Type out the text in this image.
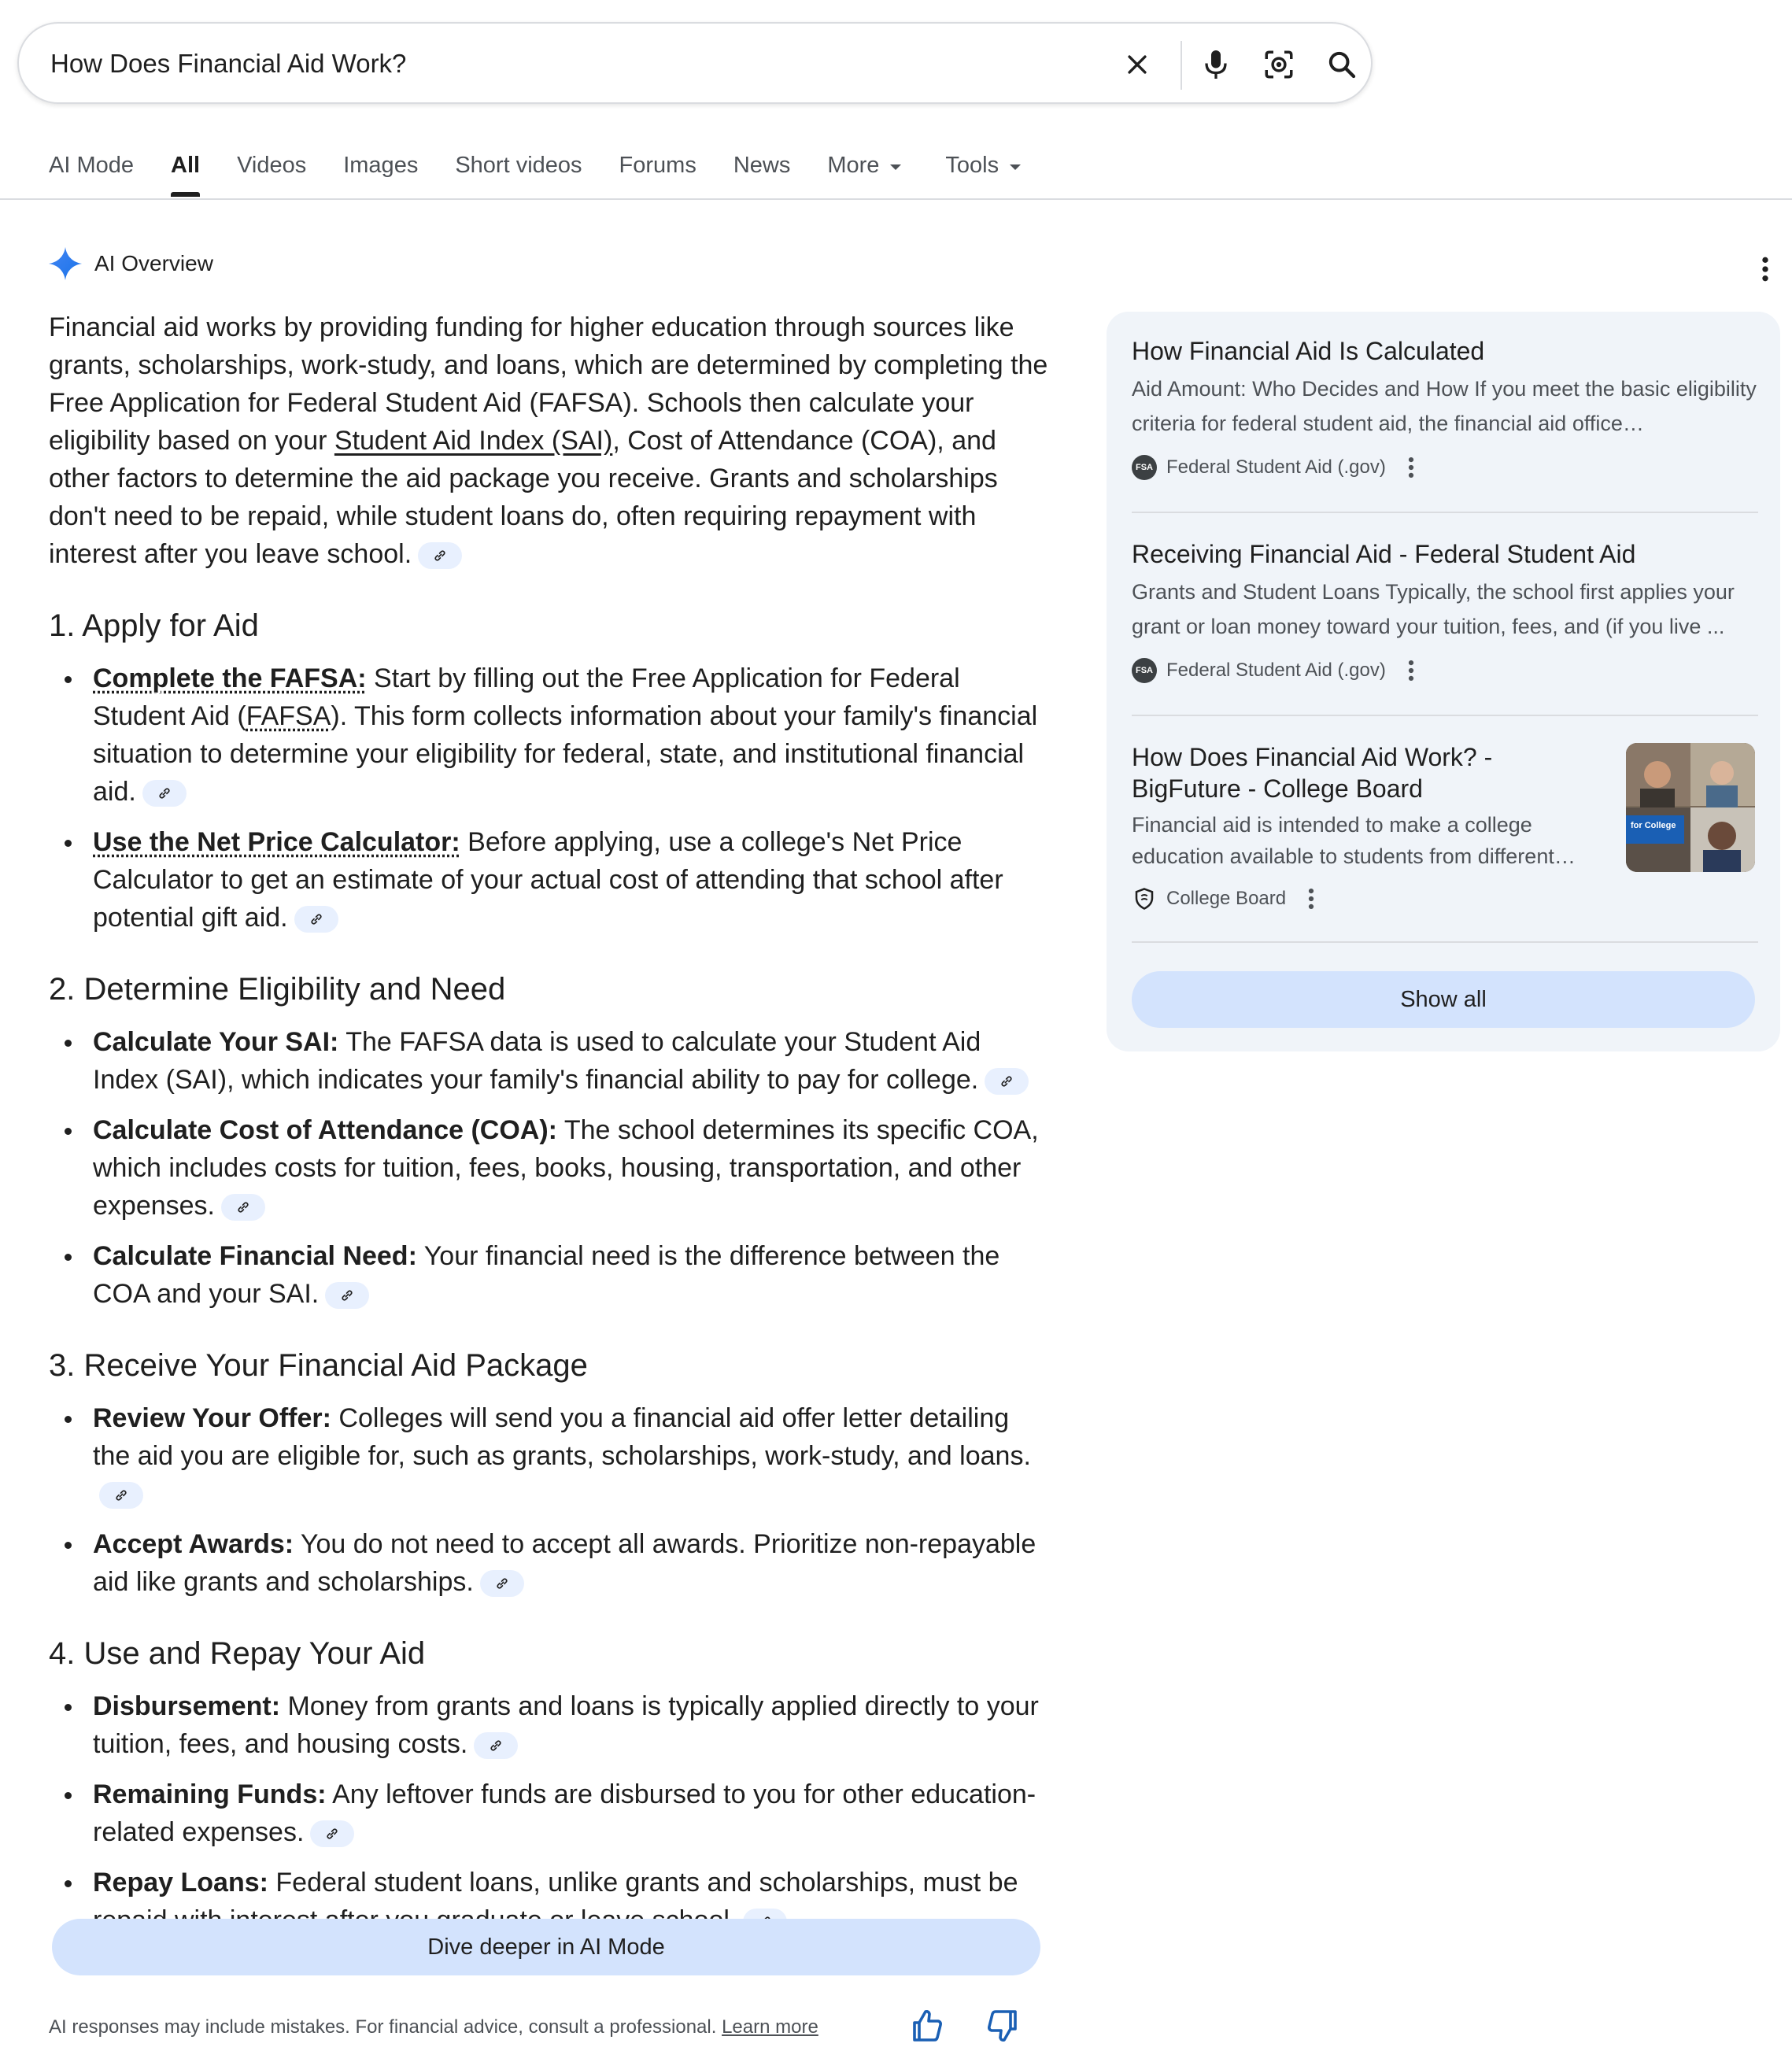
How Does Financial Aid Work?
AI Mode All Videos Images Short videos Forums News More	Tools
AI Overview

Financial aid works by providing funding for higher education through sources like grants, scholarships, work-study, and loans, which are determined by completing the Free Application for Federal Student Aid (FAFSA). Schools then calculate your eligibility based on your Student Aid Index (SAI), Cost of Attendance (COA), and other factors to determine the aid package you receive. Grants and scholarships don't need to be repaid, while student loans do, often requiring repayment with interest after you leave school.

1. Apply for Aid
Complete the FAFSA: Start by filling out the Free Application for Federal Student Aid (FAFSA). This form collects information about your family's financial situation to determine your eligibility for federal, state, and institutional financial aid.
Use the Net Price Calculator: Before applying, use a college's Net Price Calculator to get an estimate of your actual cost of attending that school after potential gift aid.
2. Determine Eligibility and Need
Calculate Your SAI: The FAFSA data is used to calculate your Student Aid Index (SAI), which indicates your family's financial ability to pay for college.
Calculate Cost of Attendance (COA): The school determines its specific COA, which includes costs for tuition, fees, books, housing, transportation, and other expenses.
Calculate Financial Need: Your financial need is the difference between the COA and your SAI.
3. Receive Your Financial Aid Package
Review Your Offer: Colleges will send you a financial aid offer letter detailing the aid you are eligible for, such as grants, scholarships, work-study, and loans.
Accept Awards: You do not need to accept all awards. Prioritize non-repayable aid like grants and scholarships.
4. Use and Repay Your Aid
Disbursement: Money from grants and loans is typically applied directly to your tuition, fees, and housing costs.
Remaining Funds: Any leftover funds are disbursed to you for other education-related expenses.
Repay Loans: Federal student loans, unlike grants and scholarships, must be
Dive deeper in AI Mode
AI responses may include mistakes. For financial advice, consult a professional. Learn more
How Financial Aid Is Calculated
Aid Amount: Who Decides and How If you meet the basic eligibility criteria for federal student aid, the financial aid office…
FSA Federal Student Aid (.gov)
Receiving Financial Aid - Federal Student Aid
Grants and Student Loans Typically, the school first applies your grant or loan money toward your tuition, fees, and (if you live ...
FSA Federal Student Aid (.gov)
How Does Financial Aid Work? - BigFuture - College Board
Financial aid is intended to make a college education available to students from different…
College Board
for College
Show all
